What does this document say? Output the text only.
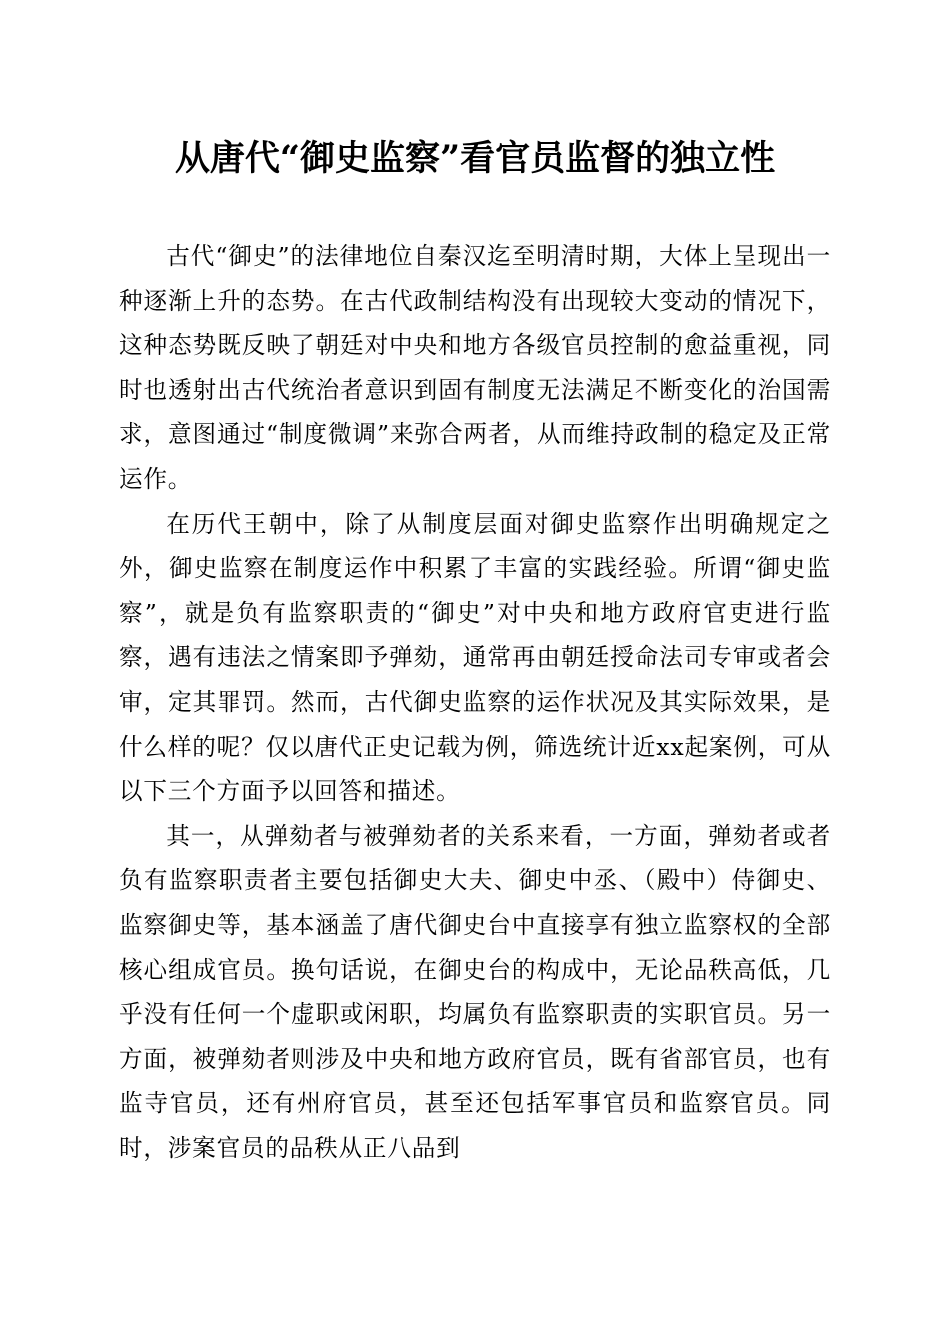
从唐代“御史监察”看官员监督的独立性

古代“御史”的法律地位自秦汉迄至明清时期，大体上呈现出一种逐渐上升的态势。在古代政制结构没有出现较大变动的情况下，这种态势既反映了朝廷对中央和地方各级官员控制的愈益重视，同时也透射出古代统治者意识到固有制度无法满足不断变化的治国需求，意图通过“制度微调”来弥合两者，从而维持政制的稳定及正常运作。

在历代王朝中，除了从制度层面对御史监察作出明确规定之外，御史监察在制度运作中积累了丰富的实践经验。所谓“御史监察”，就是负有监察职责的“御史”对中央和地方政府官吏进行监察，遇有违法之情案即予弹劾，通常再由朝廷授命法司专审或者会审，定其罪罚。然而，古代御史监察的运作状况及其实际效果，是什么样的呢？仅以唐代正史记载为例，筛选统计近xx起案例，可从以下三个方面予以回答和描述。

其一，从弹劾者与被弹劾者的关系来看，一方面，弹劾者或者负有监察职责者主要包括御史大夫、御史中丞、（殿中）侍御史、监察御史等，基本涵盖了唐代御史台中直接享有独立监察权的全部核心组成官员。换句话说，在御史台的构成中，无论品秩高低，几乎没有任何一个虚职或闲职，均属负有监察职责的实职官员。另一方面，被弹劾者则涉及中央和地方政府官员，既有省部官员，也有监寺官员，还有州府官员，甚至还包括军事官员和监察官员。同时，涉案官员的品秩从正八品到
